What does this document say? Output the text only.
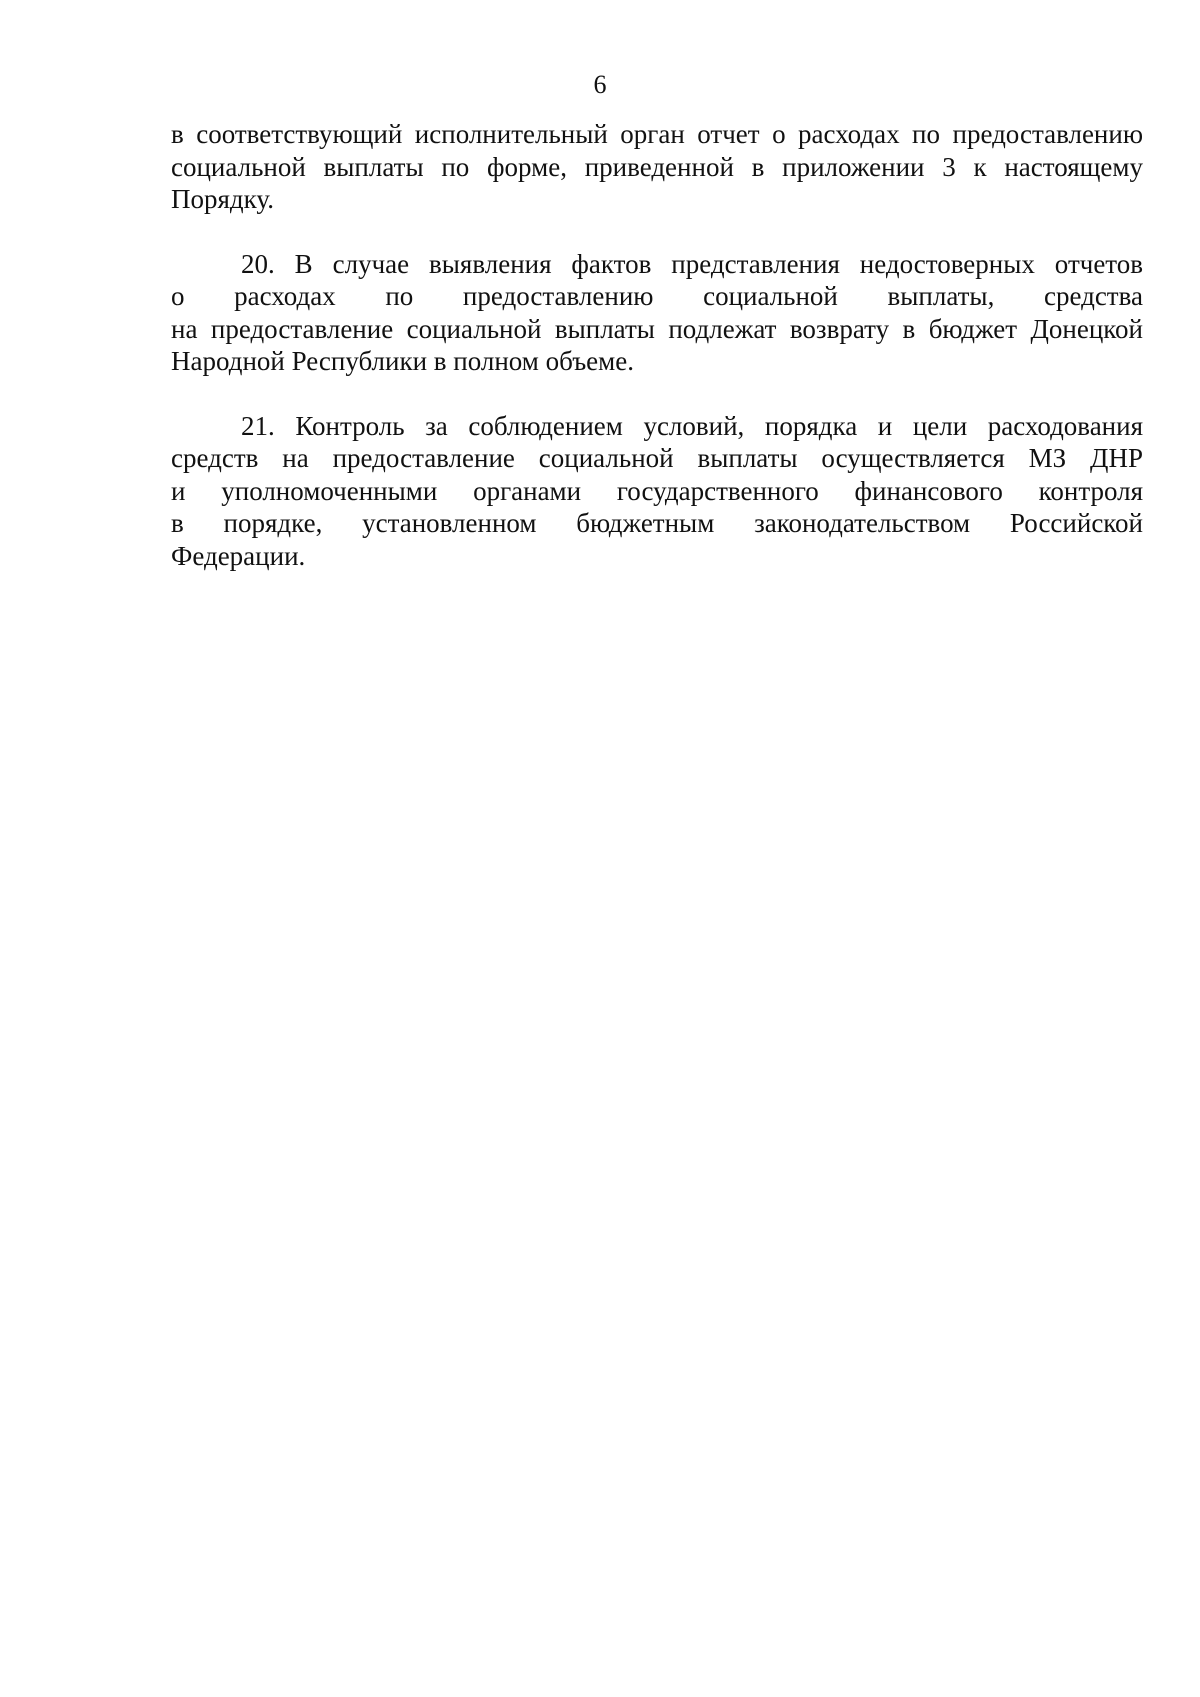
6

в соответствующий исполнительный орган отчет о расходах по предоставлению
социальной выплаты по форме, приведенной в приложении 3 к настоящему
Порядку.

20. В случае выявления фактов представления недостоверных отчетов
о расходах по предоставлению социальной выплаты, средства
на предоставление социальной выплаты подлежат возврату в бюджет Донецкой
Народной Республики в полном объеме.

21. Контроль за соблюдением условий, порядка и цели расходования
средств на предоставление социальной выплаты осуществляется МЗ ДНР
и уполномоченными органами государственного финансового контроля
в порядке, установленном бюджетным законодательством Российской
Федерации.
